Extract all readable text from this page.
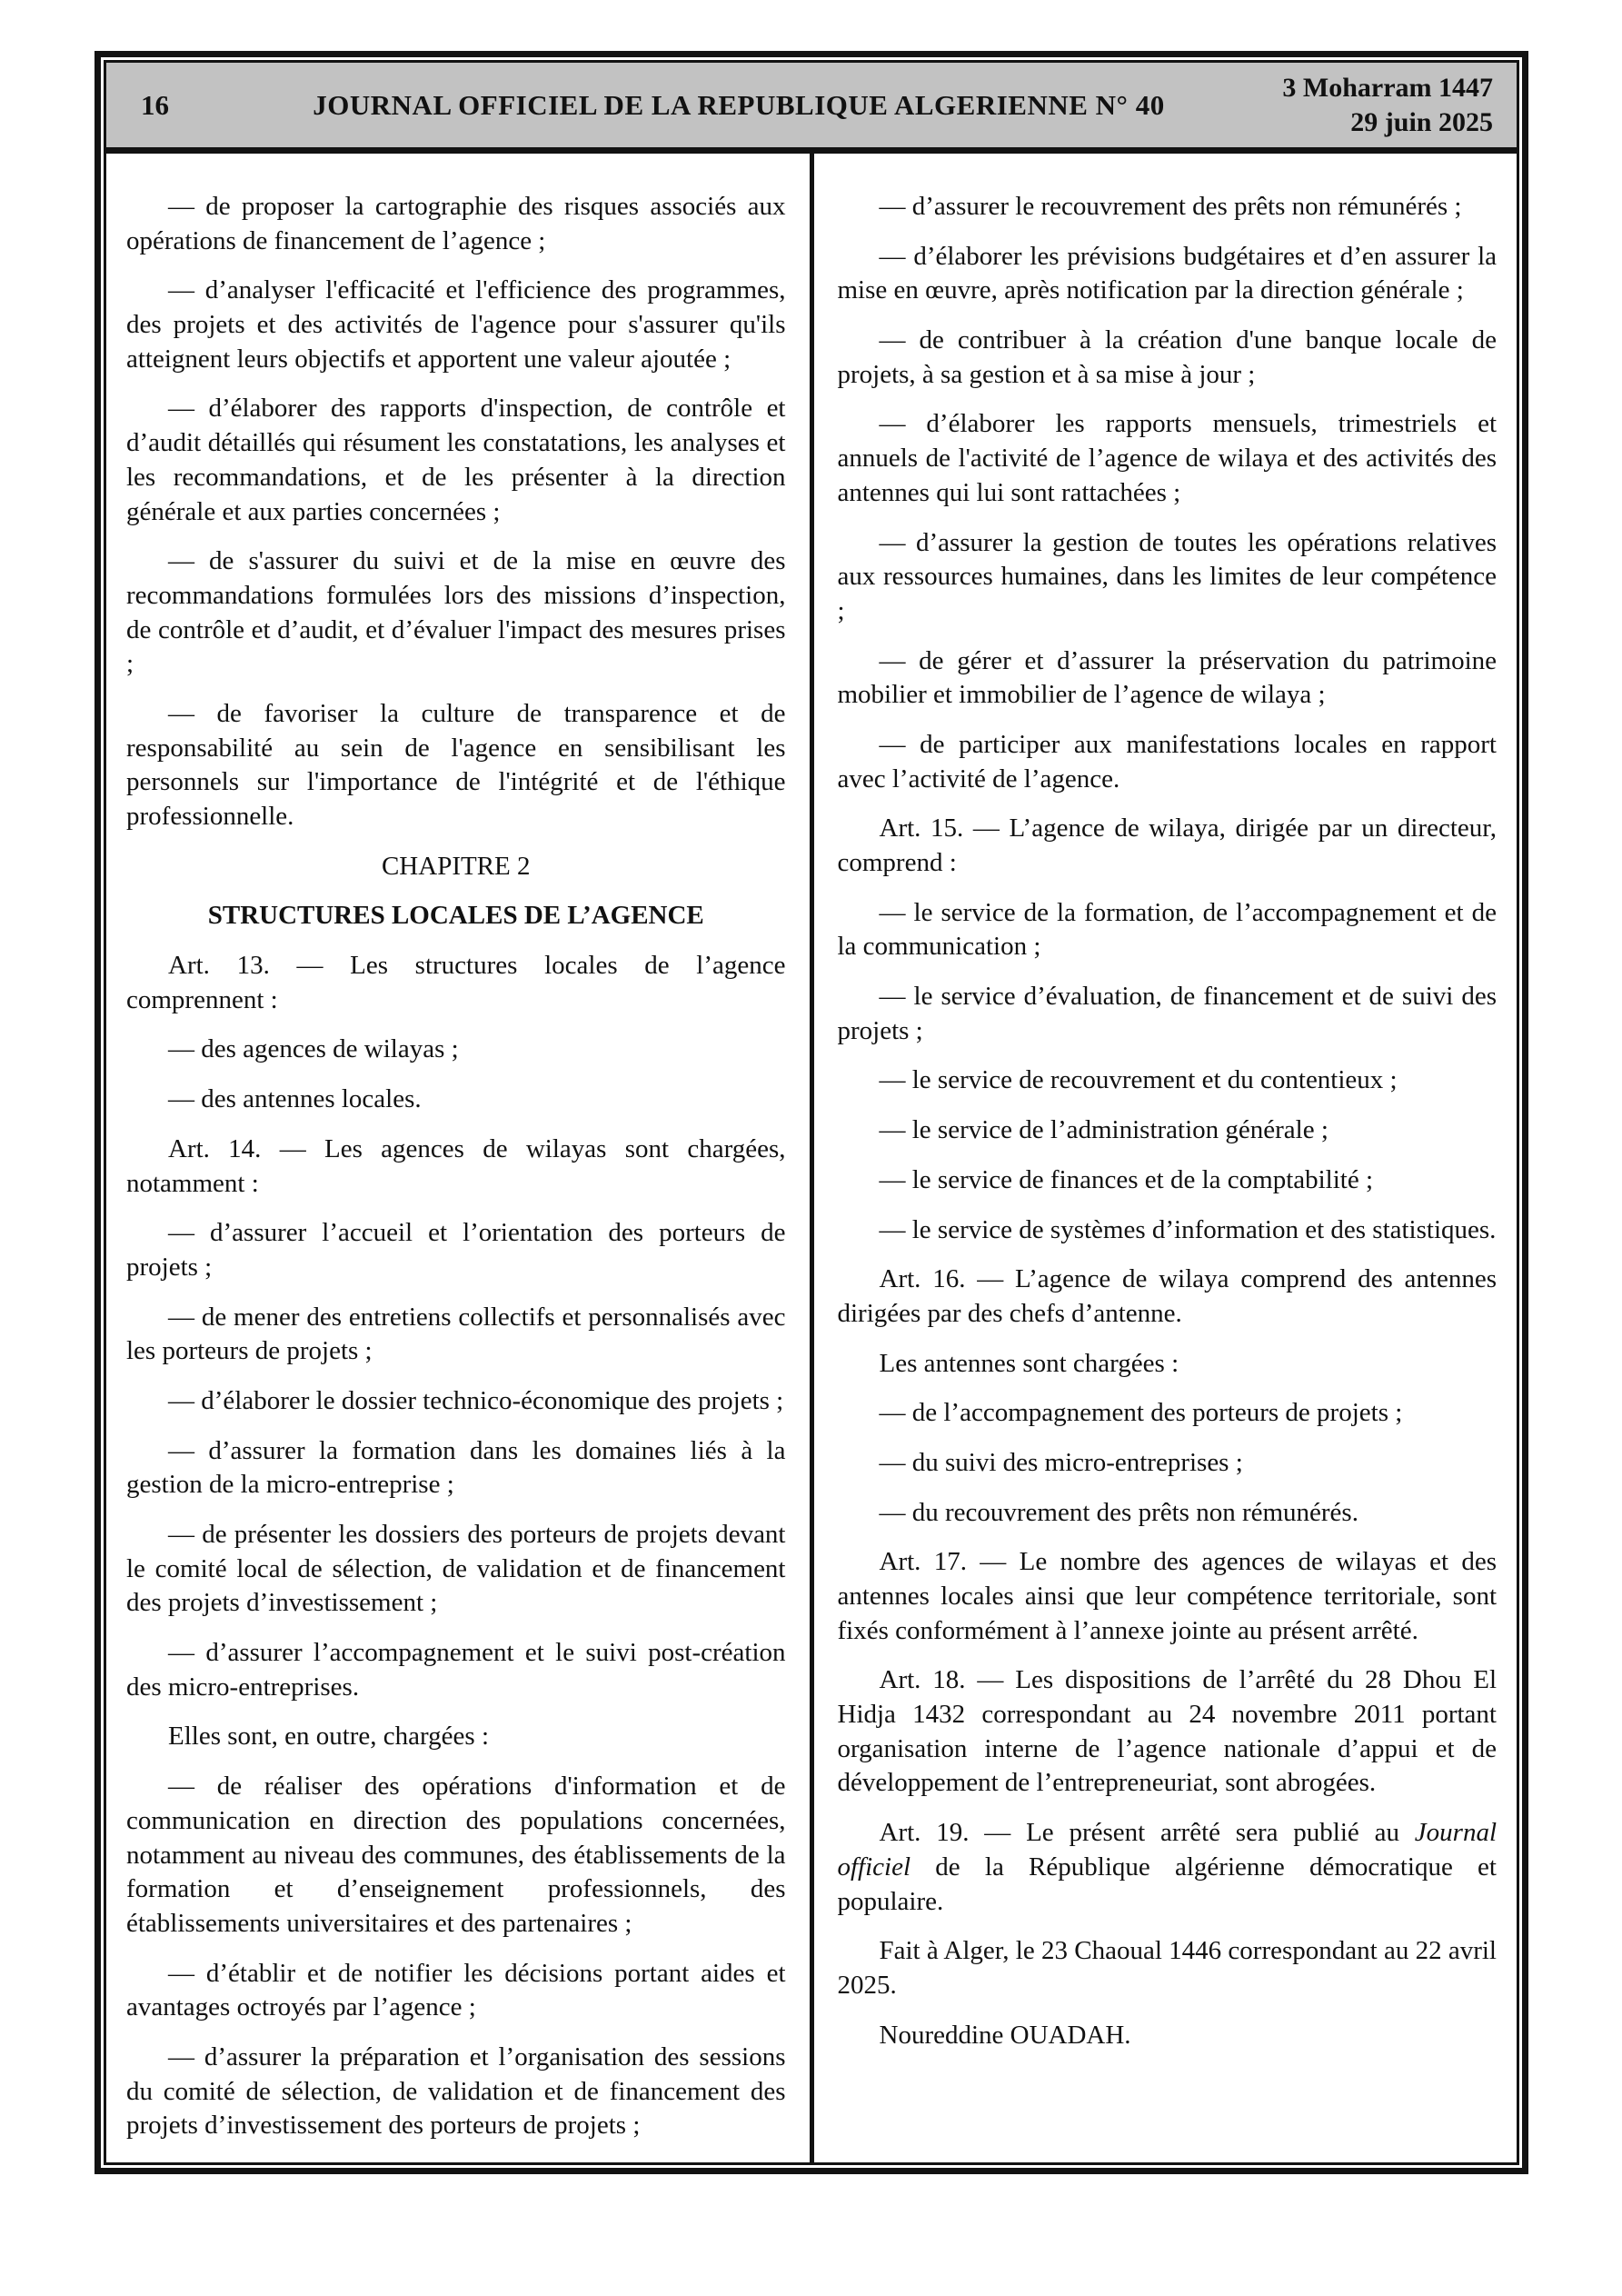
16	JOURNAL OFFICIEL DE LA REPUBLIQUE ALGERIENNE N° 40
3 Moharram 1447
29 juin 2025

— de proposer la cartographie des risques associés aux opérations de financement de l’agence ;

— d’analyser l'efficacité et l'efficience des programmes, des projets et des activités de l'agence pour s'assurer qu'ils atteignent leurs objectifs et apportent une valeur ajoutée ;

— d’élaborer des rapports d'inspection, de contrôle et d’audit détaillés qui résument les constatations, les analyses et les recommandations, et de les présenter à la direction générale et aux parties concernées ;

— de s'assurer du suivi et de la mise en œuvre des recommandations formulées lors des missions d’inspection, de contrôle et d’audit, et d’évaluer l'impact des mesures prises ;

— de favoriser la culture de transparence et de responsabilité au sein de l'agence en sensibilisant les personnels sur l'importance de l'intégrité et de l'éthique professionnelle.

CHAPITRE 2

STRUCTURES LOCALES DE L’AGENCE

Art. 13. — Les structures locales de l’agence comprennent :

— des agences de wilayas ;

— des antennes locales.

Art. 14. — Les agences de wilayas sont chargées, notamment :

— d’assurer l’accueil et l’orientation des porteurs de projets ;

— de mener des entretiens collectifs et personnalisés avec les porteurs de projets ;

— d’élaborer le dossier technico-économique des projets ;

— d’assurer la formation dans les domaines liés à la gestion de la micro-entreprise ;

— de présenter les dossiers des porteurs de projets devant le comité local de sélection, de validation et de financement des projets d’investissement ;

— d’assurer l’accompagnement et le suivi post-création des micro-entreprises.

Elles sont, en outre, chargées :

— de réaliser des opérations d'information et de communication en direction des populations concernées, notamment au niveau des communes, des établissements de la formation et d’enseignement professionnels, des établissements universitaires et des partenaires ;

— d’établir et de notifier les décisions portant aides et avantages octroyés par l’agence ;

— d’assurer la préparation et l’organisation des sessions du comité de sélection, de validation et de financement des projets d’investissement des porteurs de projets ;

— d’assurer le recouvrement des prêts non rémunérés ;

— d’élaborer les prévisions budgétaires et d’en assurer la mise en œuvre, après notification par la direction générale ;

— de contribuer à la création d'une banque locale de projets, à sa gestion et à sa mise à jour ;

— d’élaborer les rapports mensuels, trimestriels et annuels de l'activité de l’agence de wilaya et des activités des antennes qui lui sont rattachées ;

— d’assurer la gestion de toutes les opérations relatives aux ressources humaines, dans les limites de leur compétence ;

— de gérer et d’assurer la préservation du patrimoine mobilier et immobilier de l’agence de wilaya ;

— de participer aux manifestations locales en rapport avec l’activité de l’agence.

Art. 15. — L’agence de wilaya, dirigée par un directeur, comprend :

— le service de la formation, de l’accompagnement et de la communication ;

— le service d’évaluation, de financement et de suivi des projets ;

— le service de recouvrement et du contentieux ;

— le service de l’administration générale ;

— le service de finances et de la comptabilité ;

— le service de systèmes d’information et des statistiques.

Art. 16. — L’agence de wilaya comprend des antennes dirigées par des chefs d’antenne.

Les antennes sont chargées :

— de l’accompagnement des porteurs de projets ;

— du suivi des micro-entreprises ;

— du recouvrement des prêts non rémunérés.

Art. 17. — Le nombre des agences de wilayas et des antennes locales ainsi que leur compétence territoriale, sont fixés conformément à l’annexe jointe au présent arrêté.

Art. 18. — Les dispositions de l’arrêté du 28 Dhou El Hidja 1432 correspondant au 24 novembre 2011 portant organisation interne de l’agence nationale d’appui et de développement de l’entrepreneuriat, sont abrogées.

Art. 19. — Le présent arrêté sera publié au Journal officiel de la République algérienne démocratique et populaire.

Fait à Alger, le 23 Chaoual 1446 correspondant au 22 avril 2025.

Noureddine OUADAH.
